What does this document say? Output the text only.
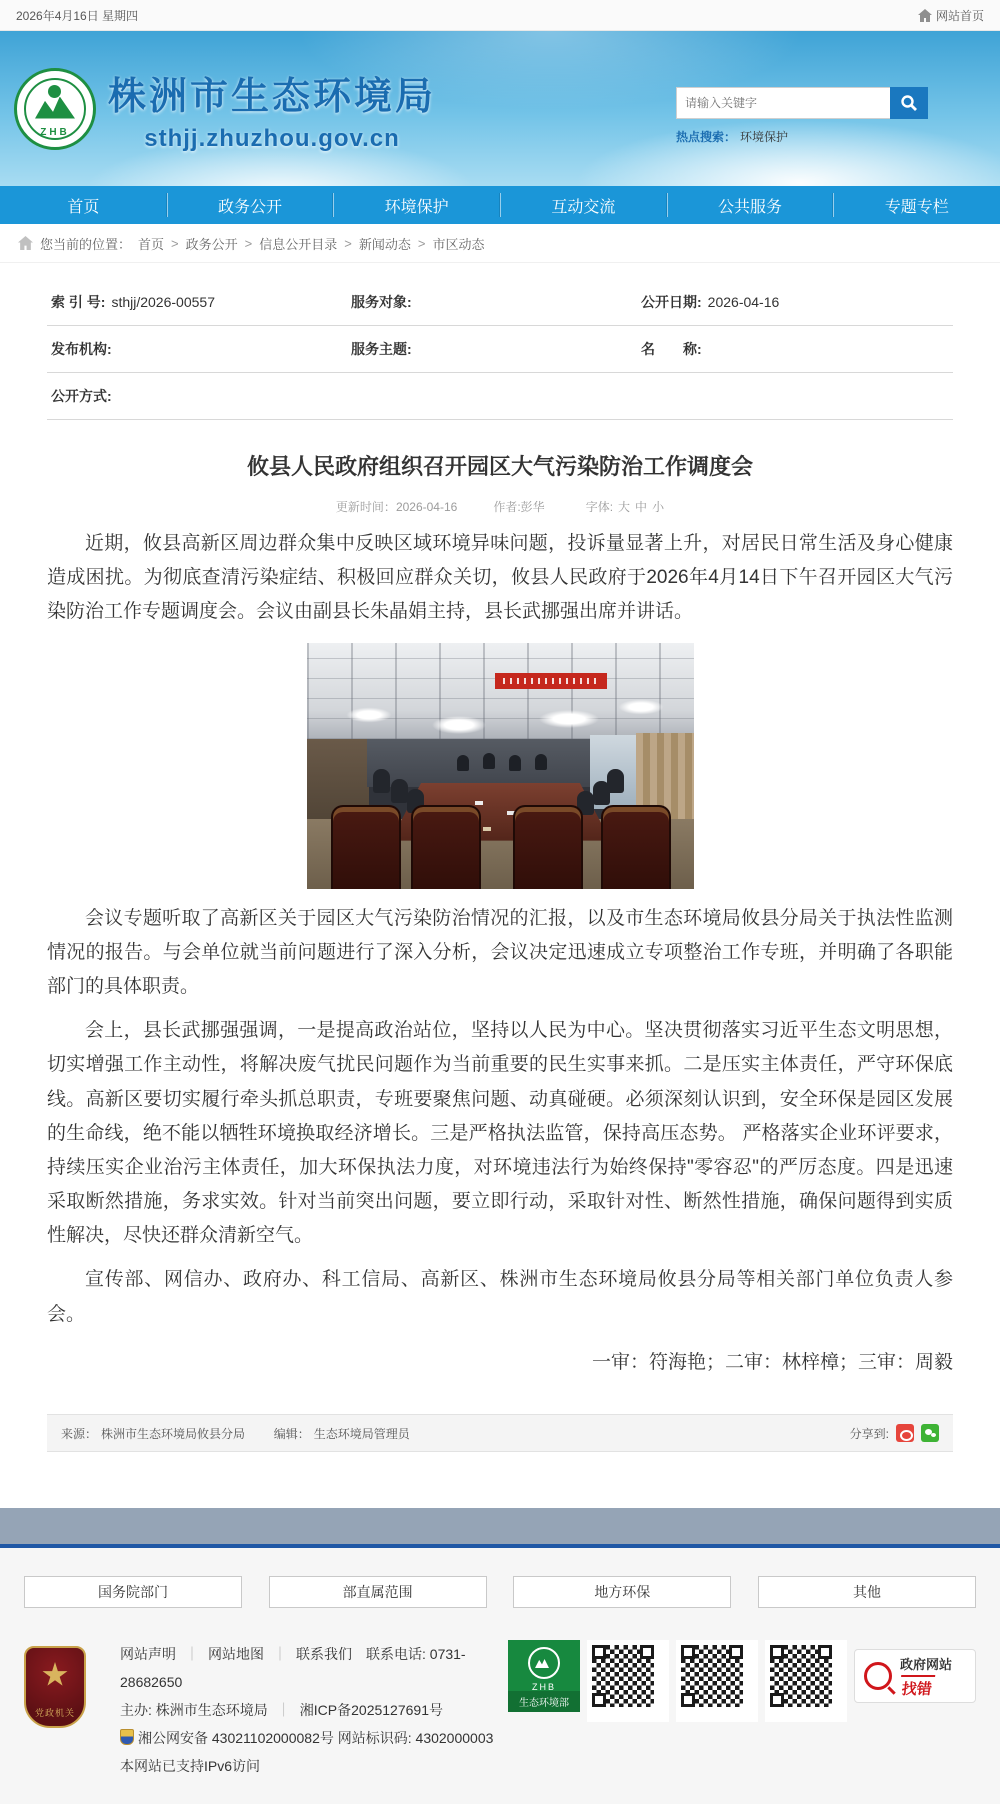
2026年4月16日 星期四	网站首页
ZHB
株洲市生态环境局
sthjj.zhuzhou.gov.cn
请输入关键字	热点搜索： 环境保护
首页	政务公开	环境保护	互动交流	公共服务	专题专栏
您当前的位置： 首页 > 政务公开 > 信息公开目录 > 新闻动态 > 市区动态
索 引 号: sthjj/2026-00557	服务对象:	公开日期: 2026-04-16
发布机构:	服务主题:	名　　称:
公开方式:
攸县人民政府组织召开园区大气污染防治工作调度会
更新时间：2026-04-16	作者:彭华	字体: 大 中 小

近期，攸县高新区周边群众集中反映区域环境异味问题，投诉量显著上升，对居民日常生活及身心健康造成困扰。为彻底查清污染症结、积极回应群众关切，攸县人民政府于2026年4月14日下午召开园区大气污染防治工作专题调度会。会议由副县长朱晶娟主持，县长武挪强出席并讲话。

会议专题听取了高新区关于园区大气污染防治情况的汇报，以及市生态环境局攸县分局关于执法性监测情况的报告。与会单位就当前问题进行了深入分析，会议决定迅速成立专项整治工作专班，并明确了各职能部门的具体职责。

会上，县长武挪强强调，一是提高政治站位，坚持以人民为中心。坚决贯彻落实习近平生态文明思想，切实增强工作主动性，将解决废气扰民问题作为当前重要的民生实事来抓。二是压实主体责任，严守环保底线。高新区要切实履行牵头抓总职责，专班要聚焦问题、动真碰硬。必须深刻认识到，安全环保是园区发展的生命线，绝不能以牺牲环境换取经济增长。三是严格执法监管，保持高压态势。 严格落实企业环评要求，持续压实企业治污主体责任，加大环保执法力度，对环境违法行为始终保持"零容忍"的严厉态度。四是迅速采取断然措施，务求实效。针对当前突出问题，要立即行动，采取针对性、断然性措施，确保问题得到实质性解决，尽快还群众清新空气。

宣传部、网信办、政府办、科工信局、高新区、株洲市生态环境局攸县分局等相关部门单位负责人参会。

一审：符海艳；二审：林梓樟；三审：周毅

来源： 株洲市生态环境局攸县分局 编辑： 生态环境局管理员	分享到:
国务院部门	部直属范围	地方环保	其他
党政机关
网站声明 ｜ 网站地图 ｜ 联系我们 联系电话: 0731-28682650
主办: 株洲市生态环境局 ｜ 湘ICP备2025127691号
湘公网安备 43021102000082号 网站标识码: 4302000003
本网站已支持IPv6访问
ZHB
生态环境部
政府网站
找错
